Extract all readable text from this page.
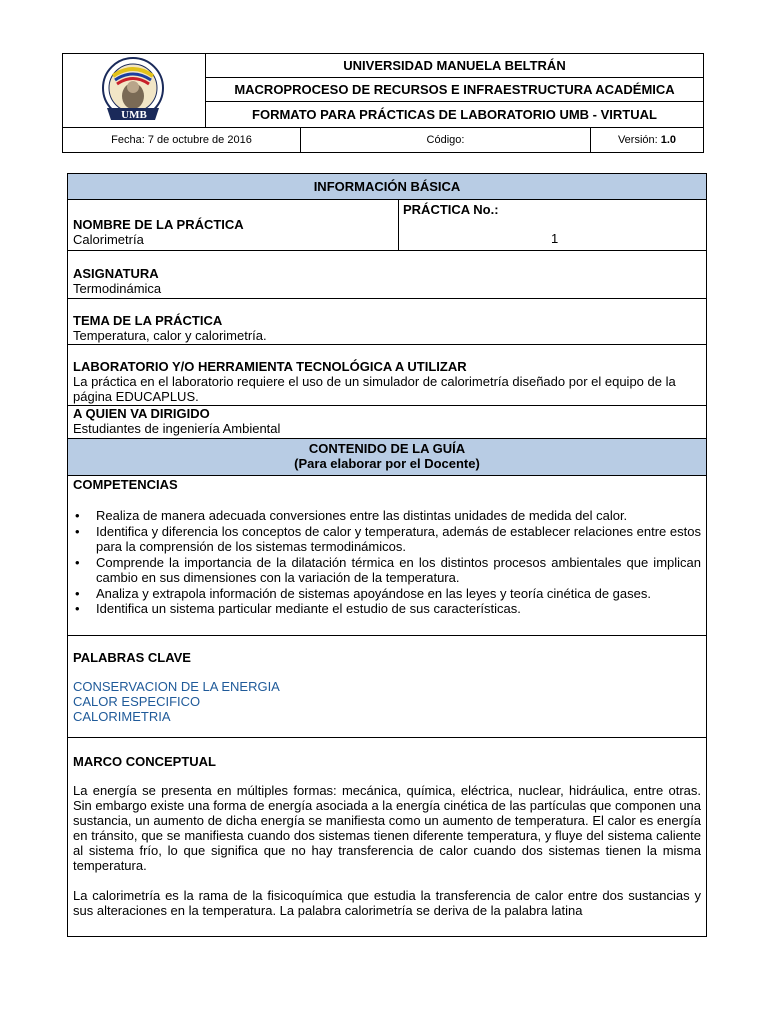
UMB
UNIVERSIDAD MANUELA BELTRÁN
MACROPROCESO DE RECURSOS E INFRAESTRUCTURA ACADÉMICA
FORMATO PARA PRÁCTICAS DE LABORATORIO UMB - VIRTUAL
Fecha: 7 de octubre de 2016	Código:	Versión: 1.0
INFORMACIÓN BÁSICA
NOMBRE DE LA PRÁCTICA
Calorimetría
PRÁCTICA No.:
1
ASIGNATURA
Termodinámica
TEMA DE LA PRÁCTICA
Temperatura, calor y calorimetría.
LABORATORIO Y/O HERRAMIENTA TECNOLÓGICA A UTILIZAR
La práctica en el laboratorio requiere el uso de un simulador de calorimetría diseñado por el equipo de la página EDUCAPLUS.
A QUIEN VA DIRIGIDO
Estudiantes de ingeniería Ambiental
CONTENIDO DE LA GUÍA
(Para elaborar por el Docente)
COMPETENCIAS
• Realiza de manera adecuada conversiones entre las distintas unidades de medida del calor.
• Identifica y diferencia los conceptos de calor y temperatura, además de establecer relaciones entre estos para la comprensión de los sistemas termodinámicos.
• Comprende la importancia de la dilatación térmica en los distintos procesos ambientales que implican cambio en sus dimensiones con la variación de la temperatura.
• Analiza y extrapola información de sistemas apoyándose en las leyes y teoría cinética de gases.
• Identifica un sistema particular mediante el estudio de sus características.
PALABRAS CLAVE
CONSERVACION DE LA ENERGIA
CALOR ESPECIFICO
CALORIMETRIA
MARCO CONCEPTUAL
La energía se presenta en múltiples formas: mecánica, química, eléctrica, nuclear, hidráulica, entre otras. Sin embargo existe una forma de energía asociada a la energía cinética de las partículas que componen una sustancia, un aumento de dicha energía se manifiesta como un aumento de temperatura. El calor es energía en tránsito, que se manifiesta cuando dos sistemas tienen diferente temperatura, y fluye del sistema caliente al sistema frío, lo que significa que no hay transferencia de calor cuando dos sistemas tienen la misma temperatura.
La calorimetría es la rama de la fisicoquímica que estudia la transferencia de calor entre dos sustancias y sus alteraciones en la temperatura. La palabra calorimetría se deriva de la palabra latina
